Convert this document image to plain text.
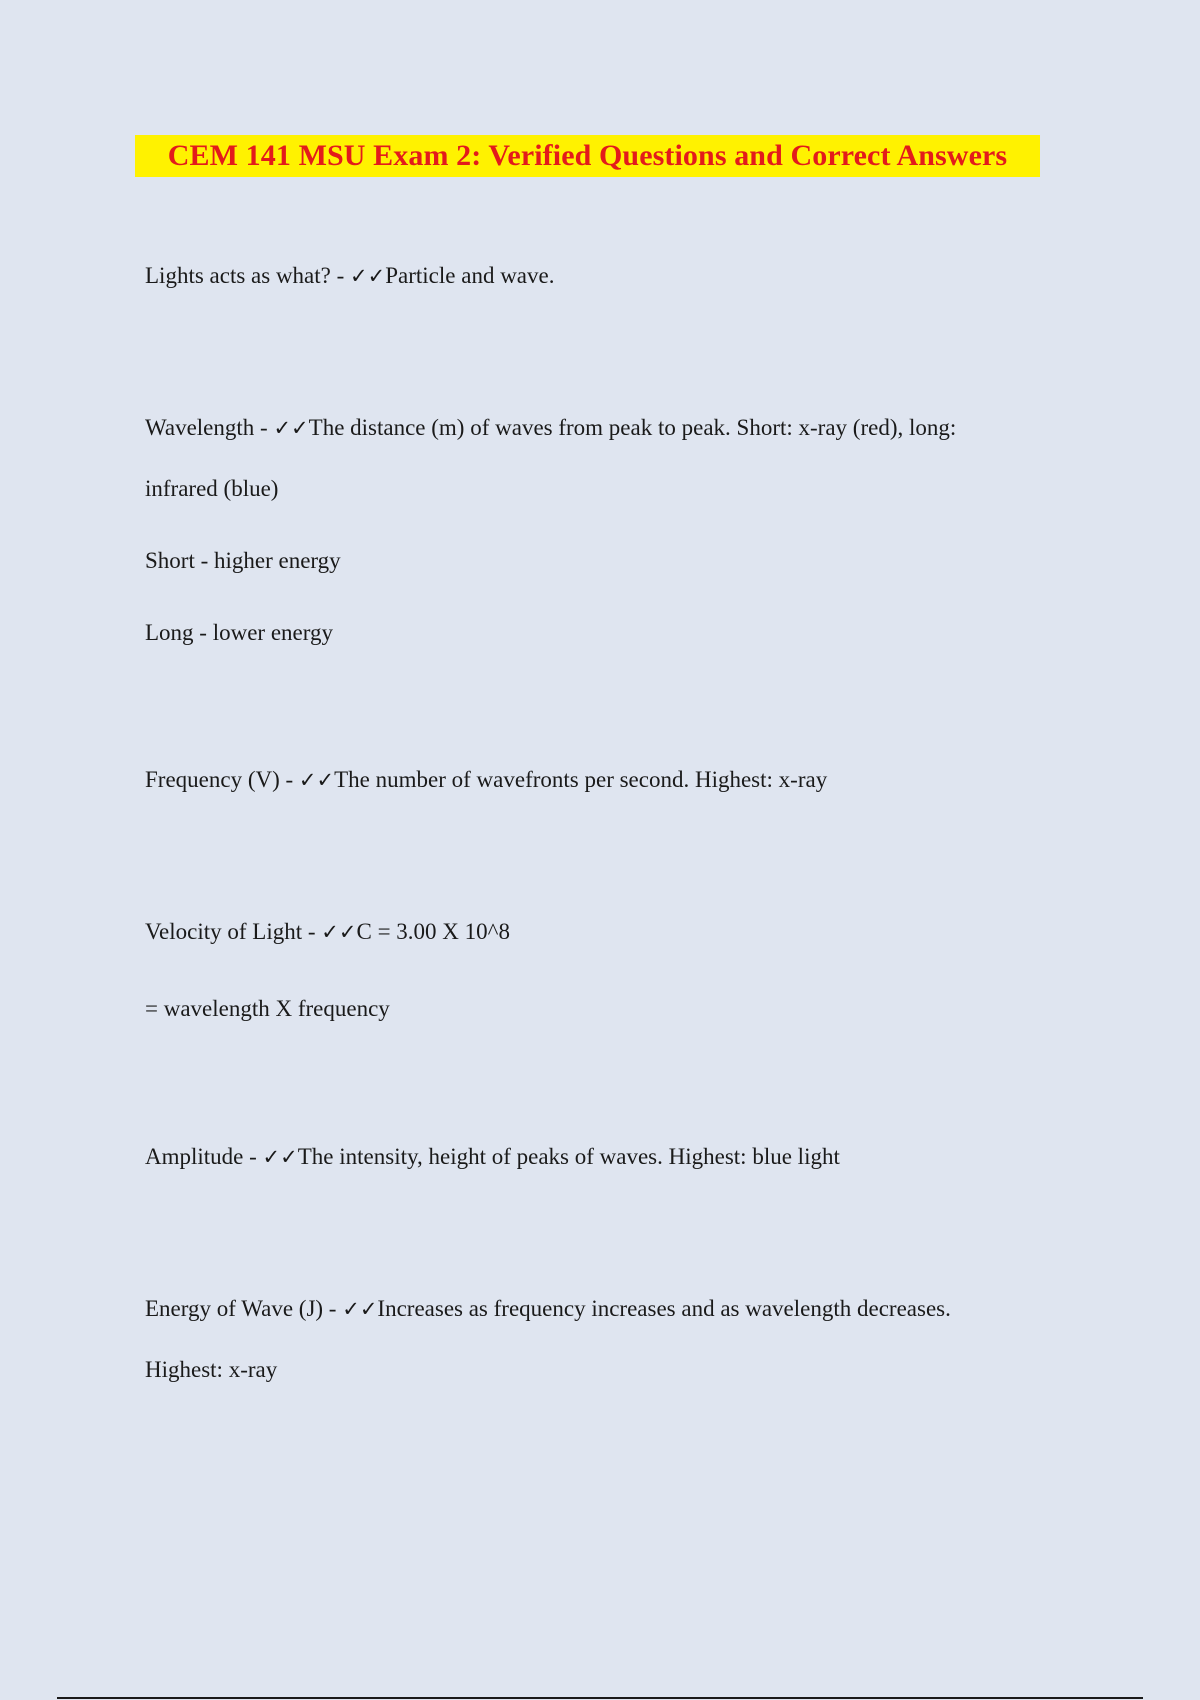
CEM 141 MSU Exam 2: Verified Questions and Correct Answers
Lights acts as what? - ✓✓Particle and wave.
Wavelength - ✓✓The distance (m) of waves from peak to peak. Short: x-ray (red), long:
infrared (blue)
Short - higher energy
Long - lower energy
Frequency (V) - ✓✓The number of wavefronts per second. Highest: x-ray
Velocity of Light - ✓✓C = 3.00 X 10^8
= wavelength X frequency
Amplitude - ✓✓The intensity, height of peaks of waves. Highest: blue light
Energy of Wave (J) - ✓✓Increases as frequency increases and as wavelength decreases.
Highest: x-ray
